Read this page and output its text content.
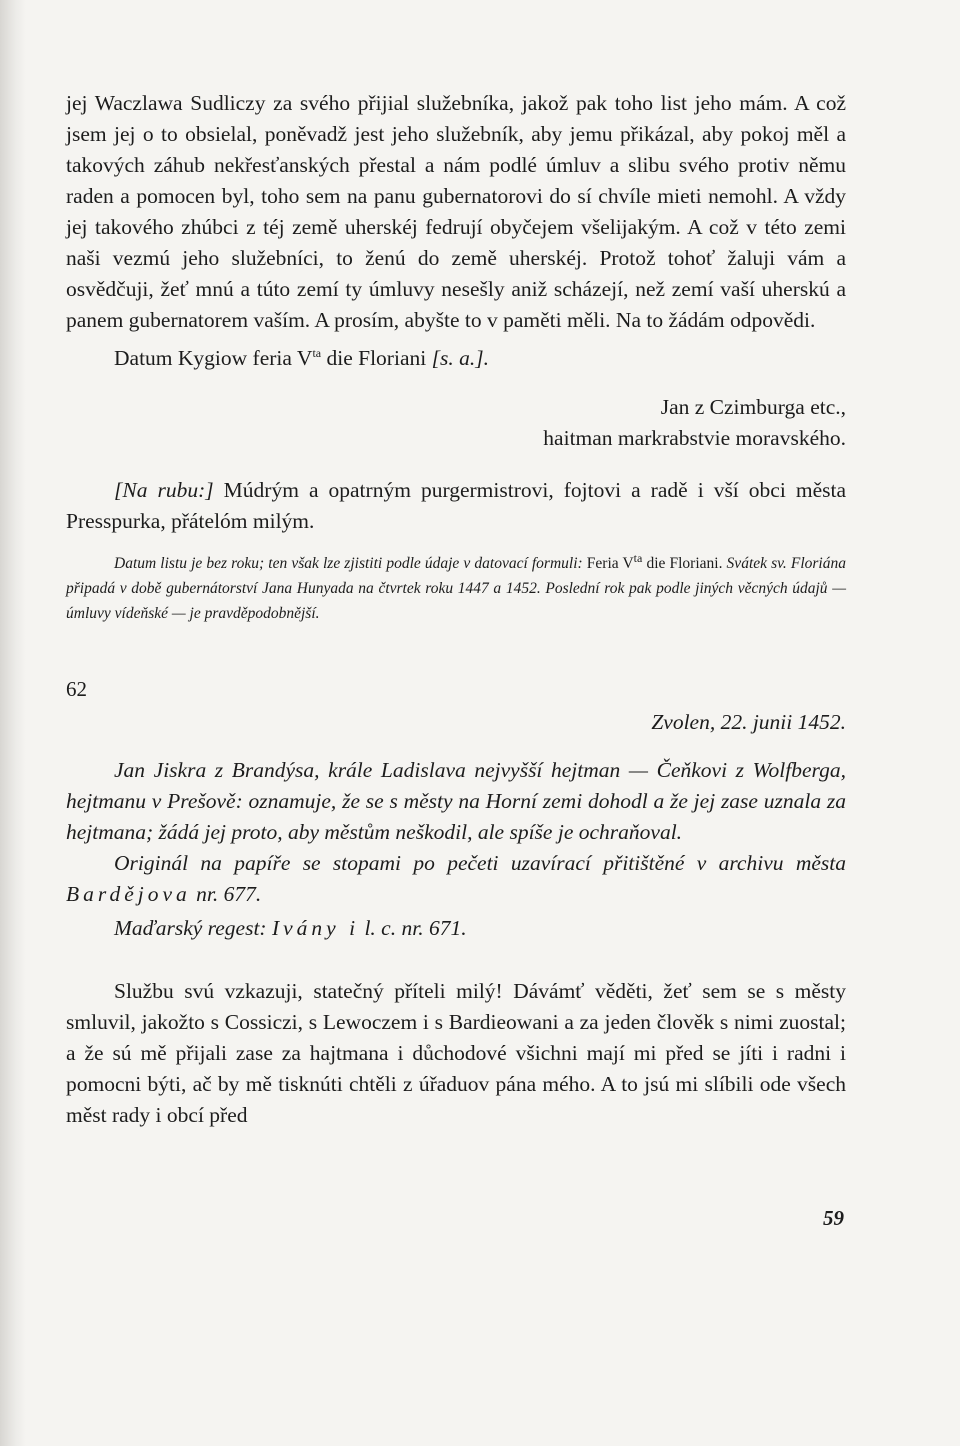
jej Waczlawa Sudliczy za svého přijial služebníka, jakož pak toho list jeho mám. A což jsem jej o to obsielal, poněvadž jest jeho služebník, aby jemu přikázal, aby pokoj měl a takových záhub nekřesťanských přestal a nám podlé úmluv a slibu svého protiv němu raden a pomocen byl, toho sem na panu gubernatorovi do sí chvíle mieti nemohl. A vždy jej takového zhúbci z téj země uherskéj fedrují obyčejem všelijakým. A což v této zemi naši vezmú jeho služebníci, to ženú do země uherskéj. Protož tohoť žaluji vám a osvědčuji, žeť mnú a túto zemí ty úmluvy nesešly aniž scházejí, než zemí vaší uherskú a panem gubernatorem vaším. A prosím, abyšte to v paměti měli. Na to žádám odpovědi.

Datum Kygiow feria $V^{ta}$ die Floriani [s. a.].

Jan z Czimburga etc.,
haitman markrabstvie moravského.

[Na rubu:] Múdrým a opatrným purgermistrovi, fojtovi a radě i vší obci města Presspurka, přátelóm milým.

Datum listu je bez roku; ten však lze zjistiti podle údaje v datovací formuli: Feria $V^{ta}$ die Floriani. Svátek sv. Floriána připadá v době gubernátorství Jana Hunyada na čtvrtek roku 1447 a 1452. Poslední rok pak podle jiných věcných údajů — úmluvy vídeňské — je pravděpodobnější.

62

Zvolen, 22. junii 1452.

Jan Jiskra z Brandýsa, krále Ladislava nejvyšší hejtman — Čeňkovi z Wolfberga, hejtmanu v Prešově: oznamuje, že se s městy na Horní zemi dohodl a že jej zase uznala za hejtmana; žádá jej proto, aby městům neškodil, ale spíše je ochraňoval.

Originál na papíře se stopami po pečeti uzavírací přitištěné v archivu města Bardějova nr. 677.

Maďarský regest: Ivány i l. c. nr. 671.

Službu svú vzkazuji, statečný příteli milý! Dávámť věděti, žeť sem se s městy smluvil, jakožto s Cossiczi, s Lewoczem i s Bardieowani a za jeden člověk s nimi zuostal; a že sú mě přijali zase za hajtmana i důchodové všichni mají mi před se jíti i radni i pomocni býti, ač by mě tisknúti chtěli z úřaduov pána mého. A to jsú mi slíbili ode všech měst rady i obcí před

59
